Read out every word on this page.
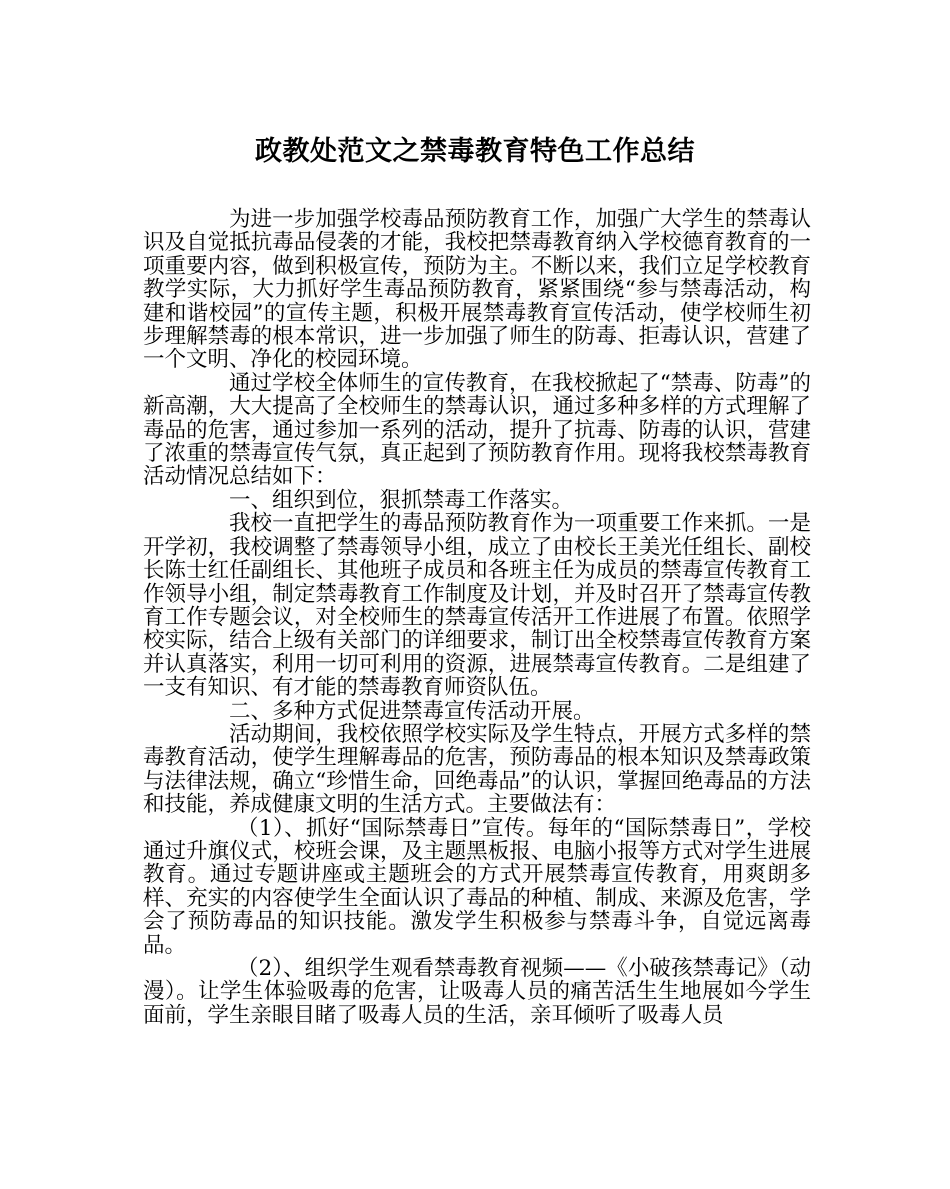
政教处范文之禁毒教育特色工作总结

为进一步加强学校毒品预防教育工作，加强广大学生的禁毒认识及自觉抵抗毒品侵袭的才能，我校把禁毒教育纳入学校德育教育的一项重要内容，做到积极宣传，预防为主。不断以来，我们立足学校教育教学实际，大力抓好学生毒品预防教育，紧紧围绕“参与禁毒活动，构建和谐校园”的宣传主题，积极开展禁毒教育宣传活动，使学校师生初步理解禁毒的根本常识，进一步加强了师生的防毒、拒毒认识，营建了一个文明、净化的校园环境。

通过学校全体师生的宣传教育，在我校掀起了“禁毒、防毒”的新高潮，大大提高了全校师生的禁毒认识，通过多种多样的方式理解了毒品的危害，通过参加一系列的活动，提升了抗毒、防毒的认识，营建了浓重的禁毒宣传气氛，真正起到了预防教育作用。现将我校禁毒教育活动情况总结如下：

一、组织到位，狠抓禁毒工作落实。

我校一直把学生的毒品预防教育作为一项重要工作来抓。一是开学初，我校调整了禁毒领导小组，成立了由校长王美光任组长、副校长陈士红任副组长、其他班子成员和各班主任为成员的禁毒宣传教育工作领导小组，制定禁毒教育工作制度及计划，并及时召开了禁毒宣传教育工作专题会议，对全校师生的禁毒宣传活开工作进展了布置。依照学校实际，结合上级有关部门的详细要求，制订出全校禁毒宣传教育方案并认真落实，利用一切可利用的资源，进展禁毒宣传教育。二是组建了一支有知识、有才能的禁毒教育师资队伍。

二、多种方式促进禁毒宣传活动开展。

活动期间，我校依照学校实际及学生特点，开展方式多样的禁毒教育活动，使学生理解毒品的危害，预防毒品的根本知识及禁毒政策与法律法规，确立“珍惜生命，回绝毒品”的认识，掌握回绝毒品的方法和技能，养成健康文明的生活方式。主要做法有：

（1）、抓好“国际禁毒日”宣传。每年的“国际禁毒日”，学校通过升旗仪式，校班会课，及主题黑板报、电脑小报等方式对学生进展教育。通过专题讲座或主题班会的方式开展禁毒宣传教育，用爽朗多样、充实的内容使学生全面认识了毒品的种植、制成、来源及危害，学会了预防毒品的知识技能。激发学生积极参与禁毒斗争，自觉远离毒品。

（2）、组织学生观看禁毒教育视频——《小破孩禁毒记》（动漫）。让学生体验吸毒的危害，让吸毒人员的痛苦活生生地展如今学生面前，学生亲眼目睹了吸毒人员的生活，亲耳倾听了吸毒人员
